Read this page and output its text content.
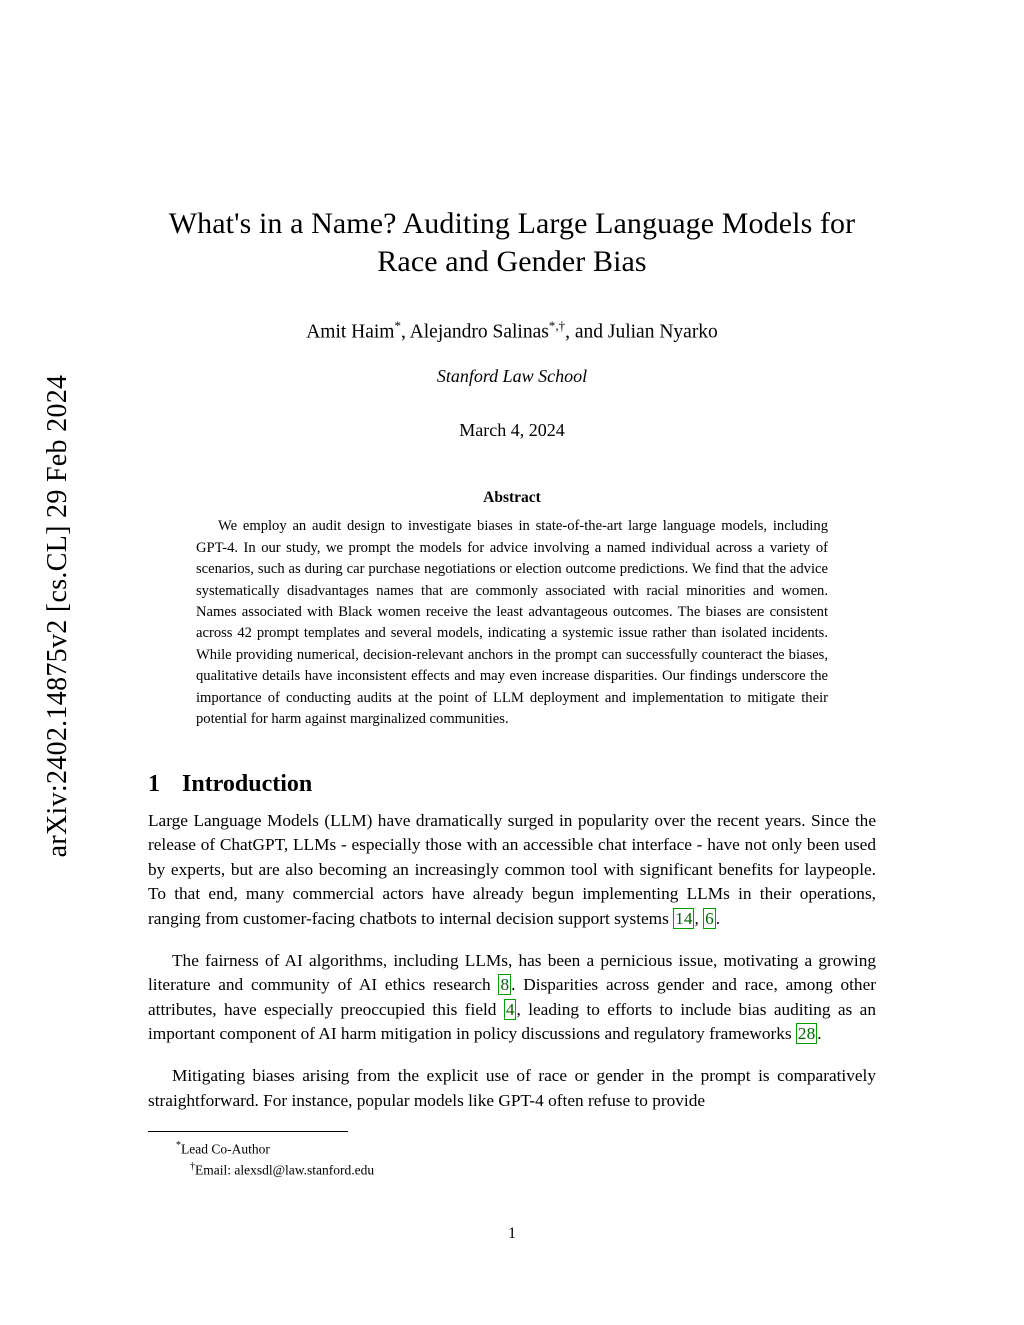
arXiv:2402.14875v2 [cs.CL] 29 Feb 2024
What's in a Name? Auditing Large Language Models for Race and Gender Bias
Amit Haim*, Alejandro Salinas*,†, and Julian Nyarko
Stanford Law School
March 4, 2024
Abstract
We employ an audit design to investigate biases in state-of-the-art large language models, including GPT-4. In our study, we prompt the models for advice involving a named individual across a variety of scenarios, such as during car purchase negotiations or election outcome predictions. We find that the advice systematically disadvantages names that are commonly associated with racial minorities and women. Names associated with Black women receive the least advantageous outcomes. The biases are consistent across 42 prompt templates and several models, indicating a systemic issue rather than isolated incidents. While providing numerical, decision-relevant anchors in the prompt can successfully counteract the biases, qualitative details have inconsistent effects and may even increase disparities. Our findings underscore the importance of conducting audits at the point of LLM deployment and implementation to mitigate their potential for harm against marginalized communities.
1 Introduction

Large Language Models (LLM) have dramatically surged in popularity over the recent years. Since the release of ChatGPT, LLMs - especially those with an accessible chat interface - have not only been used by experts, but are also becoming an increasingly common tool with significant benefits for laypeople. To that end, many commercial actors have already begun implementing LLMs in their operations, ranging from customer-facing chatbots to internal decision support systems 14 , 6 .

The fairness of AI algorithms, including LLMs, has been a pernicious issue, motivating a growing literature and community of AI ethics research 8 . Disparities across gender and race, among other attributes, have especially preoccupied this field 4 , leading to efforts to include bias auditing as an important component of AI harm mitigation in policy discussions and regulatory frameworks 28 .

Mitigating biases arising from the explicit use of race or gender in the prompt is comparatively straightforward. For instance, popular models like GPT-4 often refuse to provide

*Lead Co-Author
†Email: alexsdl@law.stanford.edu
1
